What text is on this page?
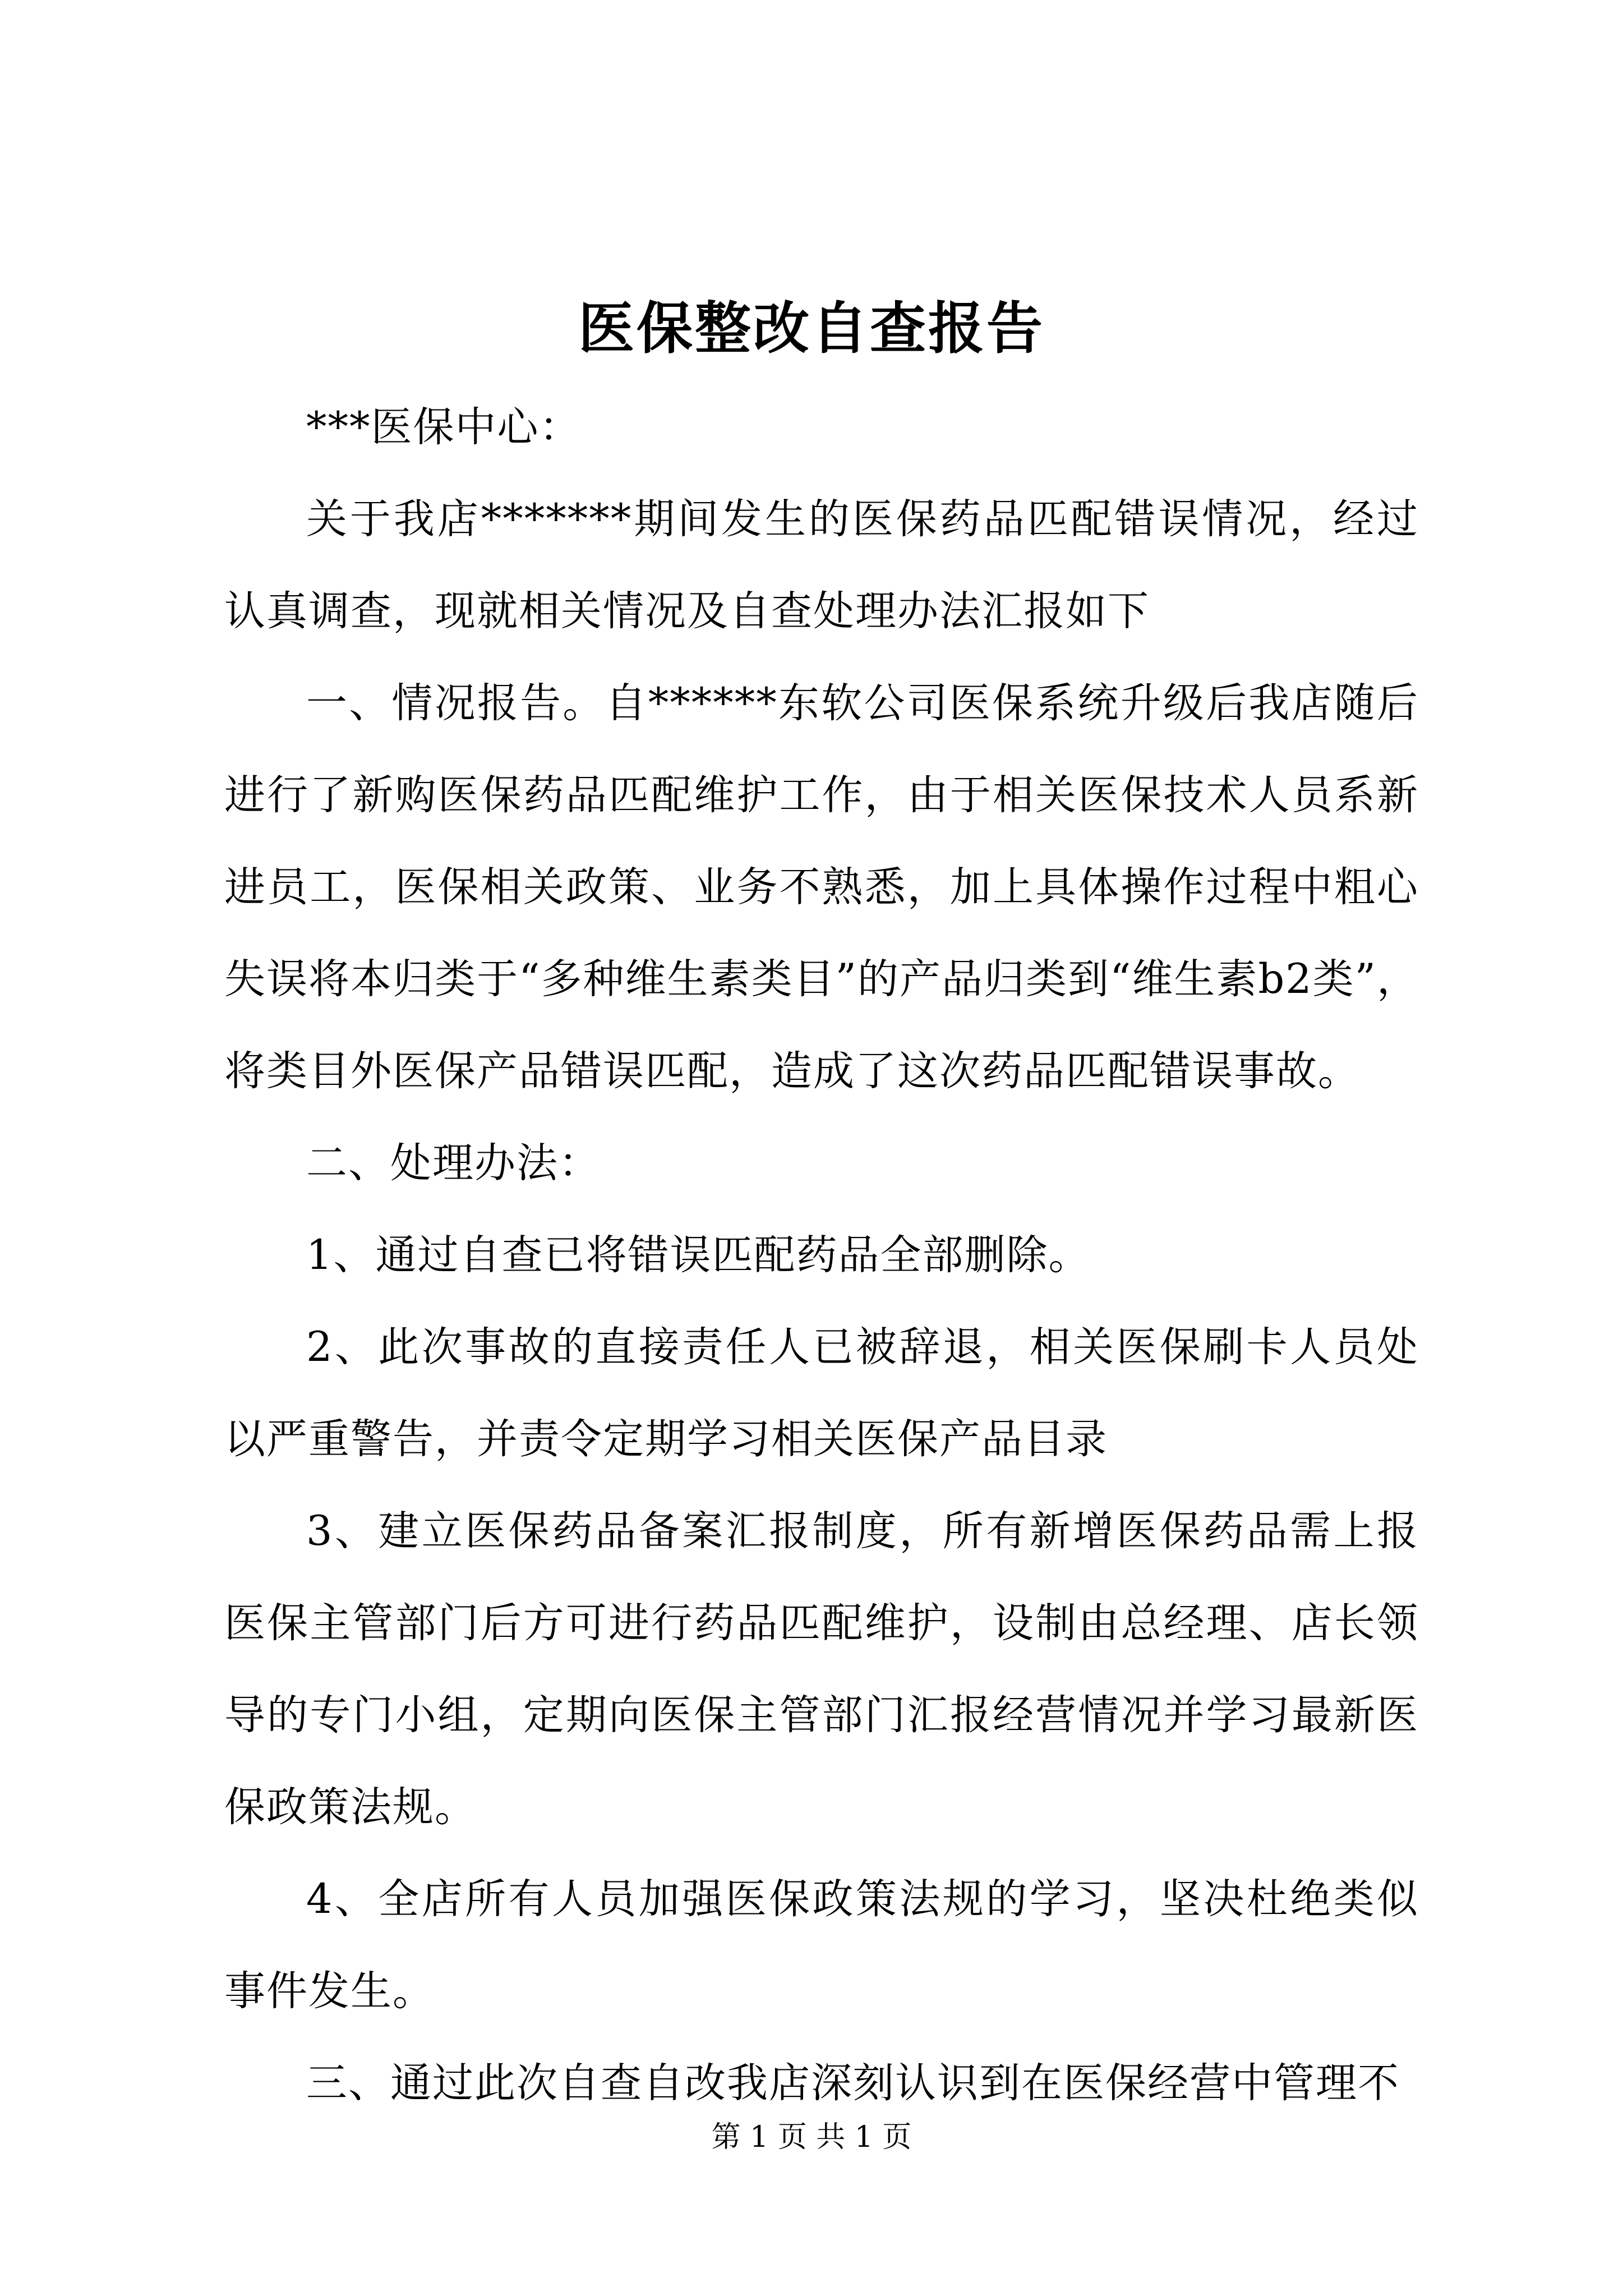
医保整改自查报告

***医保中心：

关于我店*******期间发生的医保药品匹配错误情况，经过认真调查，现就相关情况及自查处理办法汇报如下

一、情况报告。自******东软公司医保系统升级后我店随后进行了新购医保药品匹配维护工作，由于相关医保技术人员系新进员工，医保相关政策、业务不熟悉，加上具体操作过程中粗心失误将本归类于“多种维生素类目”的产品归类到“维生素b2类”，将类目外医保产品错误匹配，造成了这次药品匹配错误事故。

二、处理办法：

1、通过自查已将错误匹配药品全部删除。

2、此次事故的直接责任人已被辞退，相关医保刷卡人员处以严重警告，并责令定期学习相关医保产品目录

3、建立医保药品备案汇报制度，所有新增医保药品需上报医保主管部门后方可进行药品匹配维护，设制由总经理、店长领导的专门小组，定期向医保主管部门汇报经营情况并学习最新医保政策法规。

4、全店所有人员加强医保政策法规的学习，坚决杜绝类似事件发生。

三、通过此次自查自改我店深刻认识到在医保经营中管理不

第 1 页 共 1 页
